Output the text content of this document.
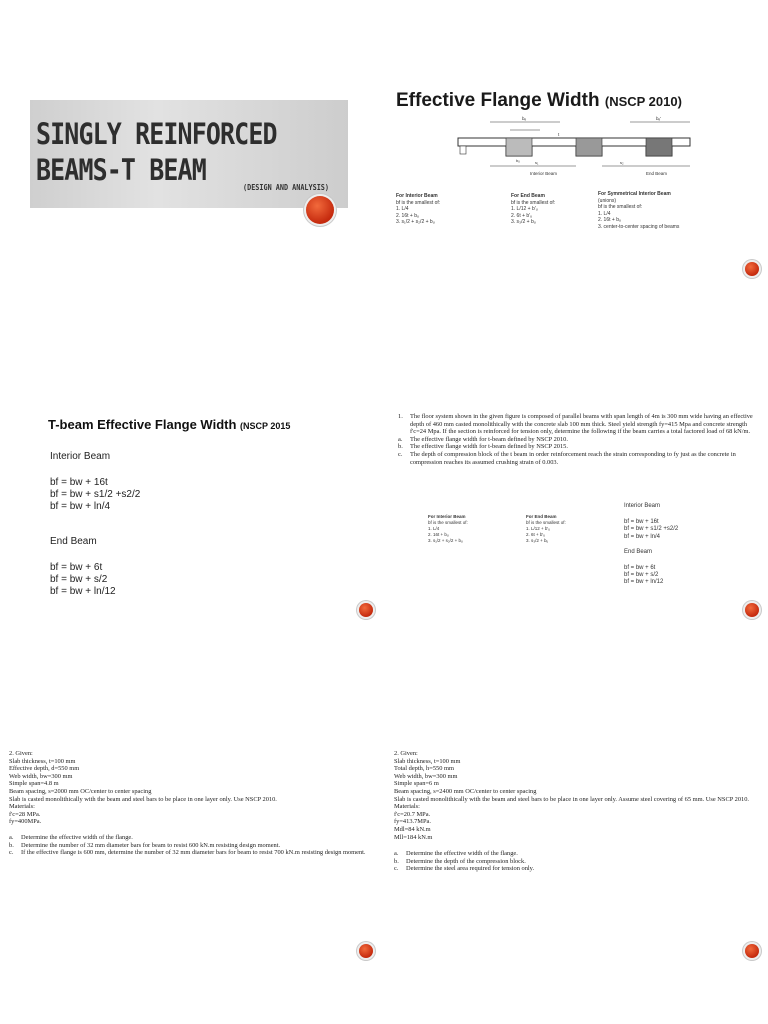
SINGLY REINFORCED
BEAMS-T BEAM
(DESIGN AND ANALYSIS)
Effective Flange Width (NSCP 2010)
bₑ	bₑ'
t
bᵤ	s₁	s₂
Interior Beam	End Beam
For Interior Beam
bf is the smallest of:
1. L/4
2. 16t + bᵤ
3. s₁/2 + s₂/2 + bᵤ
For End Beam
bf is the smallest of:
1. L/12 + b'ᵤ
2. 6t + b'ᵤ
3. s₃/2 + bᵤ
For Symmetrical Interior Beam
(unions)
bf is the smallest of:
1. L/4
2. 16t + bᵤ
3. center-to-center spacing of beams
T-beam Effective Flange Width (NSCP 2015
Interior Beam
bf = bw + 16t
bf = bw + s1/2 +s2/2
bf = bw + ln/4
End Beam
bf = bw + 6t
bf = bw + s/2
bf = bw + ln/12
1. The floor system shown in the given figure is composed of parallel beams with span length of 4m is 300 mm wide having an effective depth of 460 mm casted monolithically with the concrete slab 100 mm thick. Steel yield strength fy=415 Mpa and concrete strength f'c=24 Mpa. If the section is reinforced for tension only, determine the following if the beam carries a total factored load of 68 kN/m.
a. The effective flange width for t-beam defined by NSCP 2010.
b. The effective flange width for t-beam defined by NSCP 2015.
c. The depth of compression block of the t beam in order reinforcement reach the strain corresponding to fy just as the concrete in compression reaches its assumed crushing strain of 0.003.
For Interior Beam
bf is the smallest of:
1. L/4
2. 16t + bᵤ
3. s₁/2 + s₂/2 + bᵤ
For End Beam
bf is the smallest of:
1. L/12 + b'ᵤ
2. 6t + b'ᵤ
3. s₃/2 + bᵤ
Interior Beam
bf = bw + 16t
bf = bw + s1/2 +s2/2
bf = bw + ln/4
End Beam
bf = bw + 6t
bf = bw + s/2
bf = bw + ln/12
2. Given:
Slab thickness, t=100 mm
Effective depth, d=550 mm
Web width, bw=300 mm
Simple span=4.8 m
Beam spacing, s=2000 mm OC/center to center spacing
Slab is casted monolithically with the beam and steel bars to be place in one layer only. Use NSCP 2010.
Materials:
f'c=28 MPa.
fy=400MPa.
a. Determine the effective width of the flange.
b. Determine the number of 32 mm diameter bars for beam to resist 600 kN.m resisting design moment.
c. If the effective flange is 600 mm, determine the number of 32 mm diameter bars for beam to resist 700 kN.m resisting design moment.
2. Given:
Slab thickness, t=100 mm
Total depth, h=550 mm
Web width, bw=300 mm
Simple span=6 m
Beam spacing, s=2400 mm OC/center to center spacing
Slab is casted monolithically with the beam and steel bars to be place in one layer only. Assume steel covering of 65 mm. Use NSCP 2010.
Materials:
f'c=20.7 MPa.
fy=413.7MPa.
Mdl=84 kN.m
Mll=184 kN.m
a. Determine the effective width of the flange.
b. Determine the depth of the compression block.
c. Determine the steel area required for tension only.
